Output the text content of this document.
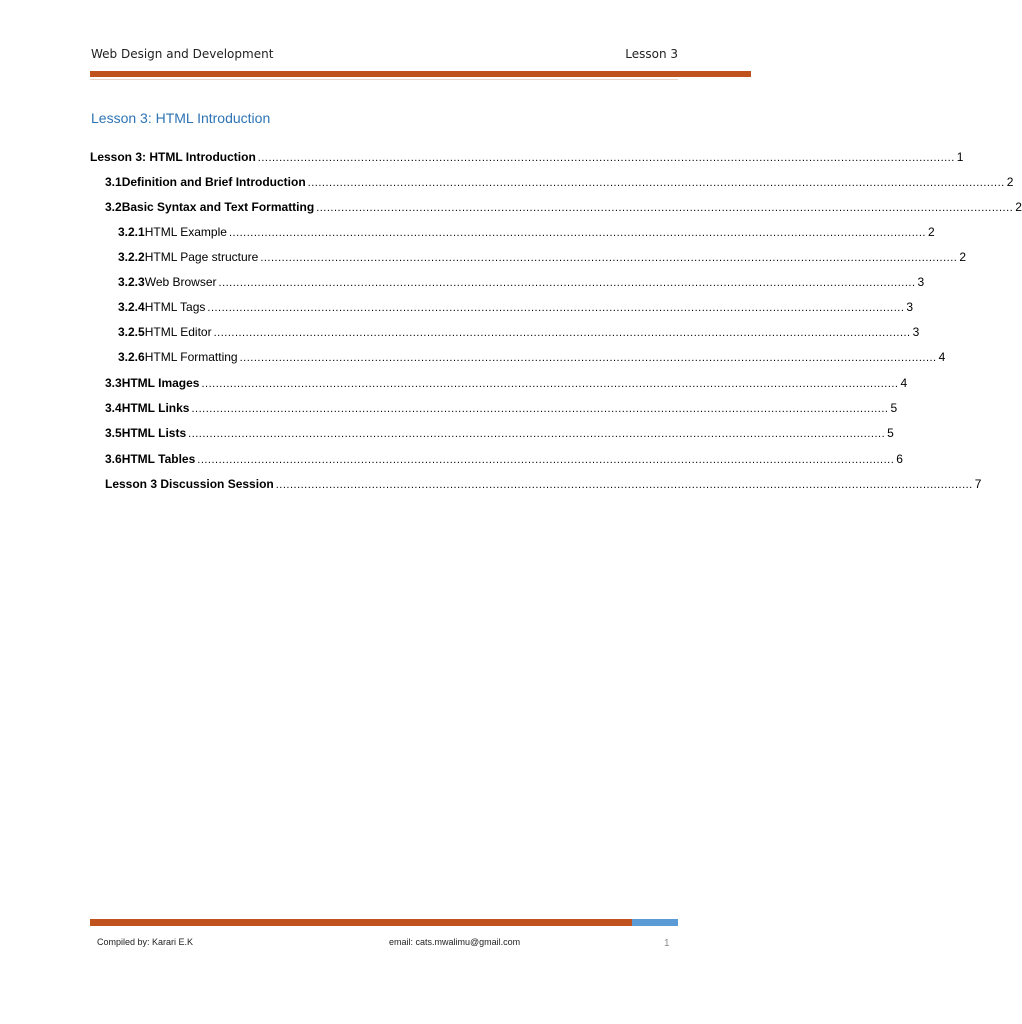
Web Design and Development	Lesson 3
Lesson 3: HTML Introduction
Lesson 3: HTML Introduction .................................................................................................................................................................................................... 1
3.1 Definition and Brief Introduction .................................................................................................................................................................................................... 2
3.2 Basic Syntax and Text Formatting .................................................................................................................................................................................................... 2
3.2.1 HTML Example .................................................................................................................................................................................................... 2
3.2.2 HTML Page structure .................................................................................................................................................................................................... 2
3.2.3 Web Browser .................................................................................................................................................................................................... 3
3.2.4 HTML Tags .................................................................................................................................................................................................... 3
3.2.5 HTML Editor .................................................................................................................................................................................................... 3
3.2.6 HTML Formatting .................................................................................................................................................................................................... 4
3.3 HTML Images .................................................................................................................................................................................................... 4
3.4 HTML Links .................................................................................................................................................................................................... 5
3.5 HTML Lists .................................................................................................................................................................................................... 5
3.6 HTML Tables .................................................................................................................................................................................................... 6
Lesson 3 Discussion Session .................................................................................................................................................................................................... 7
Compiled by: Karari E.K	email: cats.mwalimu@gmail.com	1
